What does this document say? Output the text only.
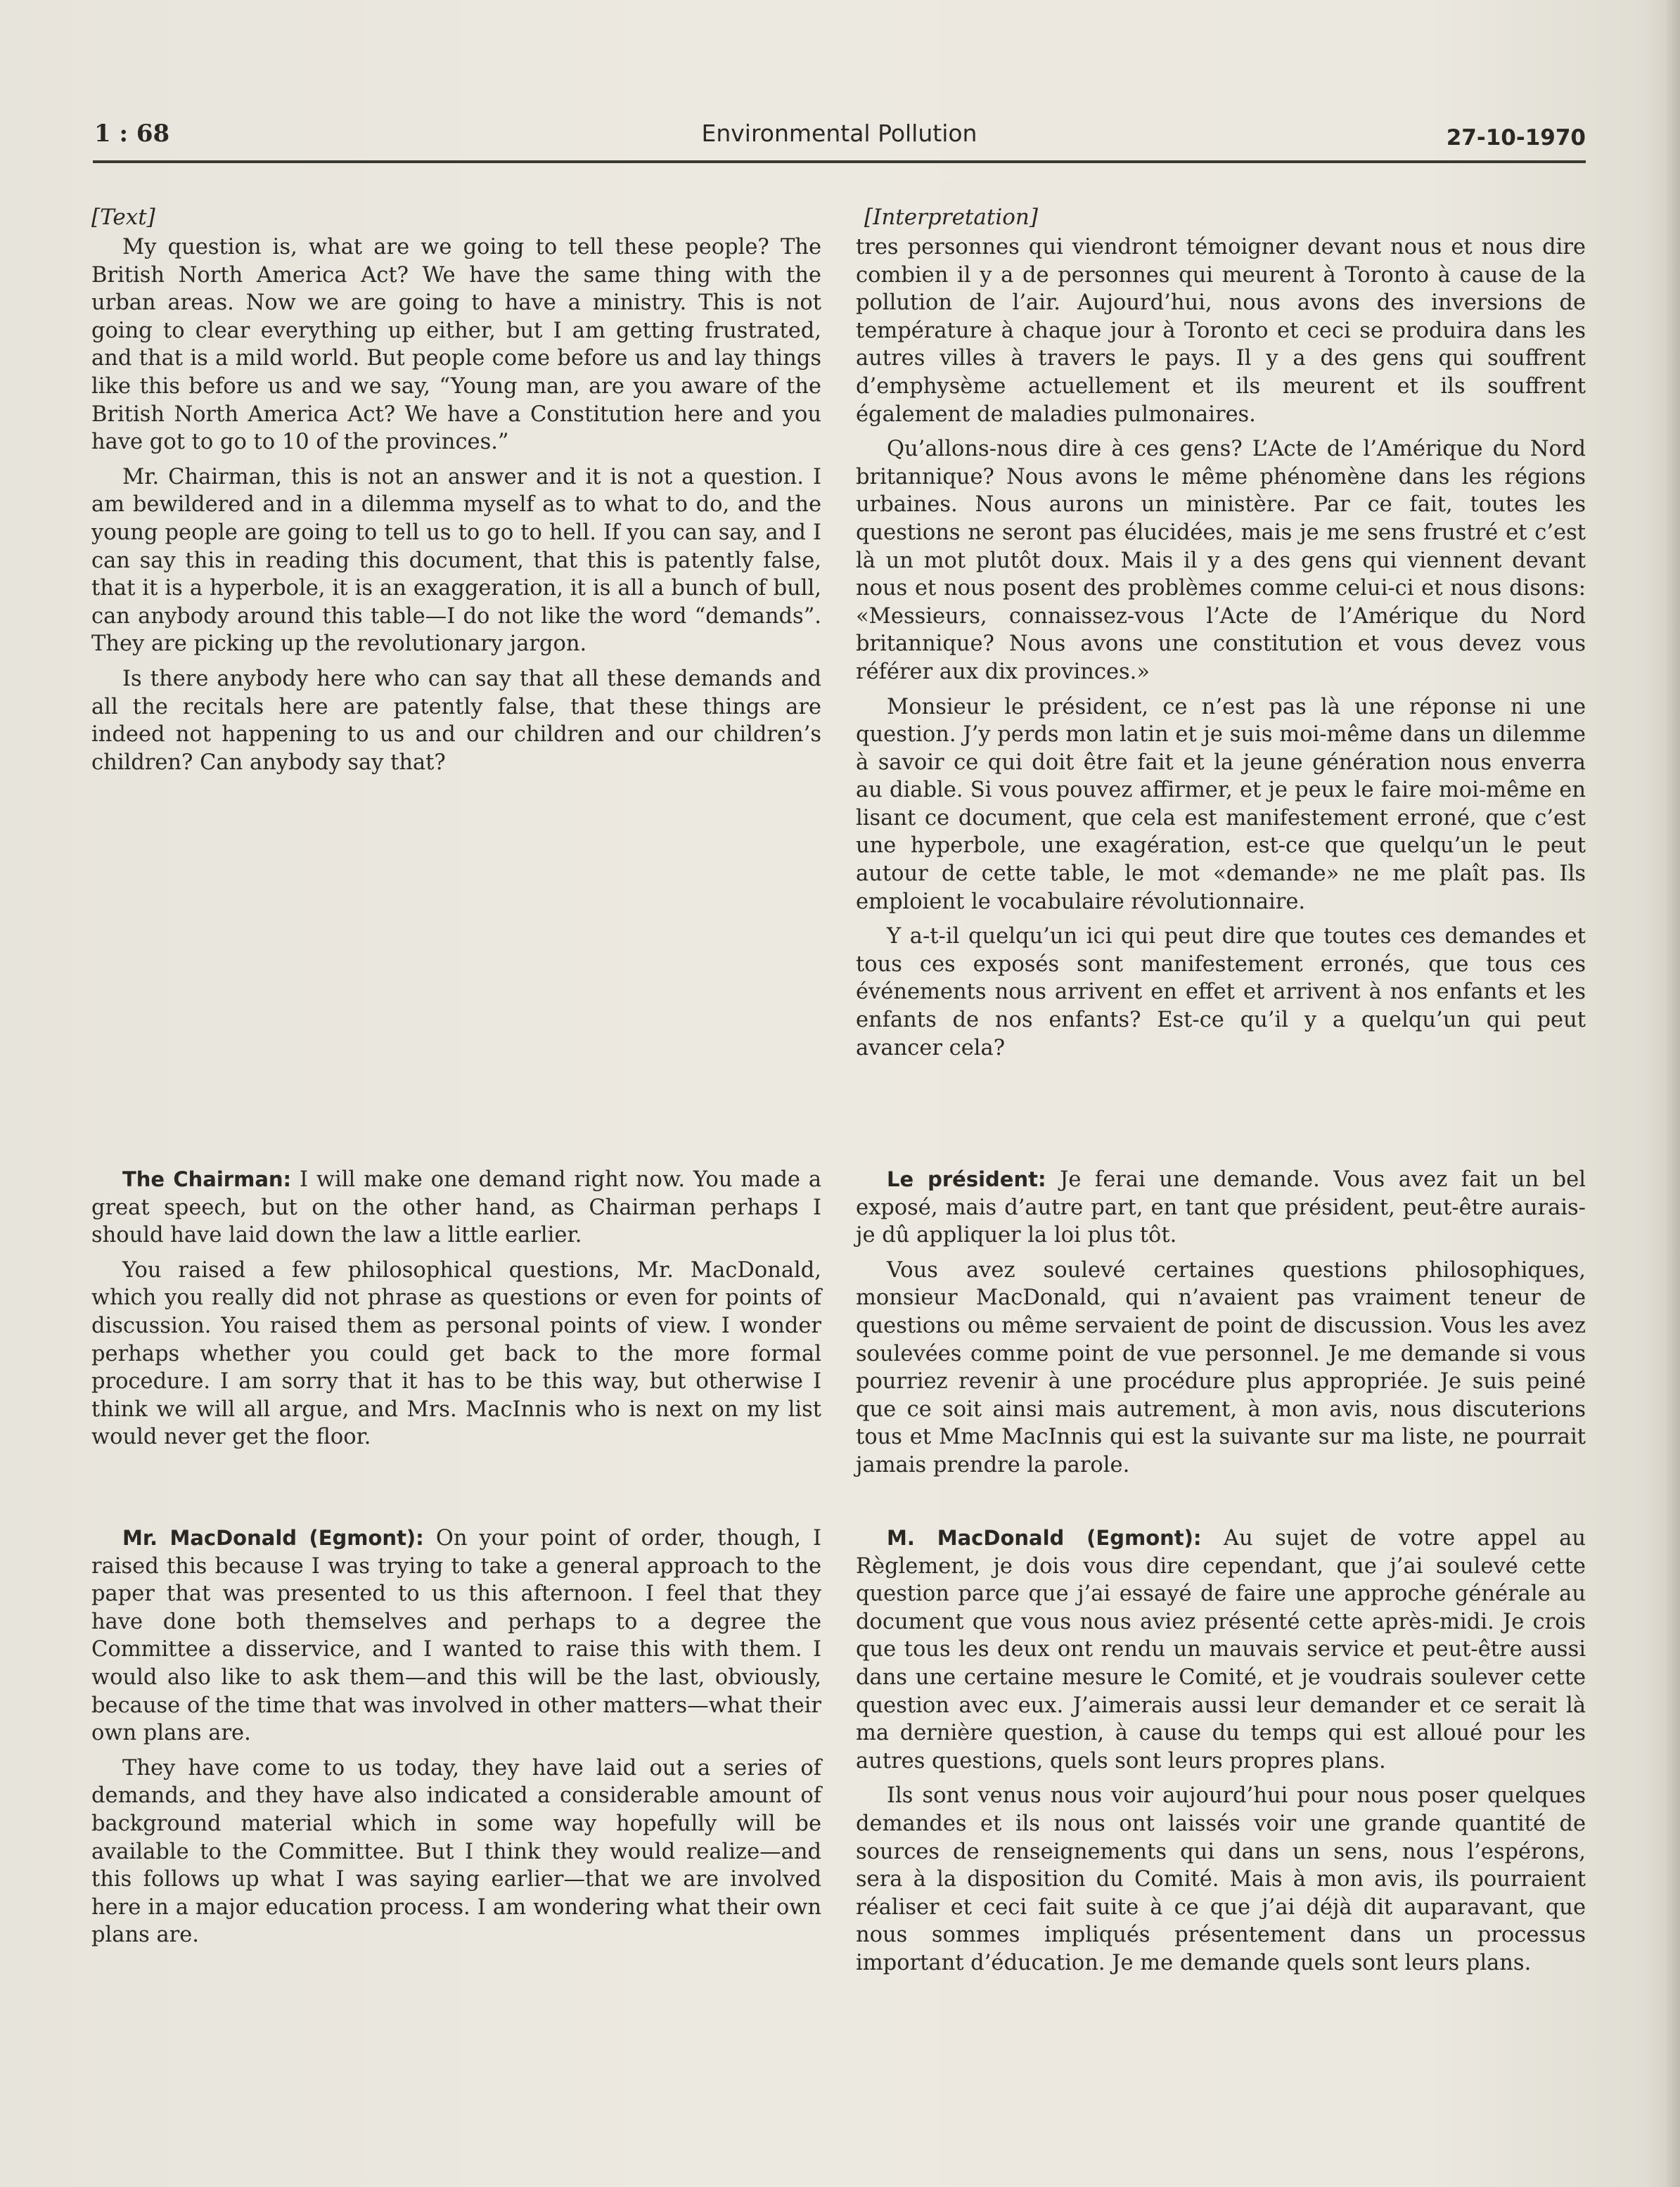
1 : 68	Environmental Pollution	27-10-1970
[Text]

My question is, what are we going to tell these people? The British North America Act? We have the same thing with the urban areas. Now we are going to have a ministry. This is not going to clear everything up either, but I am getting frustrated, and that is a mild world. But people come before us and lay things like this before us and we say, “Young man, are you aware of the British North America Act? We have a Constitution here and you have got to go to 10 of the provinces.”

Mr. Chairman, this is not an answer and it is not a question. I am bewildered and in a dilemma myself as to what to do, and the young people are going to tell us to go to hell. If you can say, and I can say this in reading this document, that this is patently false, that it is a hyperbole, it is an exaggeration, it is all a bunch of bull, can anybody around this table—I do not like the word “demands”. They are picking up the revolutionary jargon.

Is there anybody here who can say that all these demands and all the recitals here are patently false, that these things are indeed not happening to us and our children and our children’s children? Can anybody say that?

The Chairman: I will make one demand right now. You made a great speech, but on the other hand, as Chairman perhaps I should have laid down the law a little earlier.

You raised a few philosophical questions, Mr. MacDonald, which you really did not phrase as questions or even for points of discussion. You raised them as personal points of view. I wonder perhaps whether you could get back to the more formal procedure. I am sorry that it has to be this way, but otherwise I think we will all argue, and Mrs. MacInnis who is next on my list would never get the floor.

Mr. MacDonald (Egmont): On your point of order, though, I raised this because I was trying to take a general approach to the paper that was presented to us this afternoon. I feel that they have done both themselves and perhaps to a degree the Committee a disservice, and I wanted to raise this with them. I would also like to ask them—and this will be the last, obviously, because of the time that was involved in other matters—what their own plans are.

They have come to us today, they have laid out a series of demands, and they have also indicated a considerable amount of background material which in some way hopefully will be available to the Committee. But I think they would realize—and this follows up what I was saying earlier—that we are involved here in a major education process. I am wondering what their own plans are.

[Interpretation]

tres personnes qui viendront témoigner devant nous et nous dire combien il y a de personnes qui meurent à Toronto à cause de la pollution de l’air. Aujourd’hui, nous avons des inversions de température à chaque jour à Toronto et ceci se produira dans les autres villes à travers le pays. Il y a des gens qui souffrent d’emphysème actuellement et ils meurent et ils souffrent également de maladies pulmonaires.

Qu’allons-nous dire à ces gens? L’Acte de l’Amérique du Nord britannique? Nous avons le même phénomène dans les régions urbaines. Nous aurons un ministère. Par ce fait, toutes les questions ne seront pas élucidées, mais je me sens frustré et c’est là un mot plutôt doux. Mais il y a des gens qui viennent devant nous et nous posent des problèmes comme celui-ci et nous disons: «Messieurs, connaissez-vous l’Acte de l’Amérique du Nord britannique? Nous avons une constitution et vous devez vous référer aux dix provinces.»

Monsieur le président, ce n’est pas là une réponse ni une question. J’y perds mon latin et je suis moi-même dans un dilemme à savoir ce qui doit être fait et la jeune génération nous enverra au diable. Si vous pouvez affirmer, et je peux le faire moi-même en lisant ce document, que cela est manifestement erroné, que c’est une hyperbole, une exagération, est-ce que quelqu’un le peut autour de cette table, le mot «demande» ne me plaît pas. Ils emploient le vocabulaire révolutionnaire.

Y a-t-il quelqu’un ici qui peut dire que toutes ces demandes et tous ces exposés sont manifestement erronés, que tous ces événements nous arrivent en effet et arrivent à nos enfants et les enfants de nos enfants? Est-ce qu’il y a quelqu’un qui peut avancer cela?

Le président: Je ferai une demande. Vous avez fait un bel exposé, mais d’autre part, en tant que président, peut-être aurais-je dû appliquer la loi plus tôt.

Vous avez soulevé certaines questions philosophiques, monsieur MacDonald, qui n’avaient pas vraiment teneur de questions ou même servaient de point de discussion. Vous les avez soulevées comme point de vue personnel. Je me demande si vous pourriez revenir à une procédure plus appropriée. Je suis peiné que ce soit ainsi mais autrement, à mon avis, nous discuterions tous et Mme MacInnis qui est la suivante sur ma liste, ne pourrait jamais prendre la parole.

M. MacDonald (Egmont): Au sujet de votre appel au Règlement, je dois vous dire cependant, que j’ai soulevé cette question parce que j’ai essayé de faire une approche générale au document que vous nous aviez présenté cette après-midi. Je crois que tous les deux ont rendu un mauvais service et peut-être aussi dans une certaine mesure le Comité, et je voudrais soulever cette question avec eux. J’aimerais aussi leur demander et ce serait là ma dernière question, à cause du temps qui est alloué pour les autres questions, quels sont leurs propres plans.

Ils sont venus nous voir aujourd’hui pour nous poser quelques demandes et ils nous ont laissés voir une grande quantité de sources de renseignements qui dans un sens, nous l’espérons, sera à la disposition du Comité. Mais à mon avis, ils pourraient réaliser et ceci fait suite à ce que j’ai déjà dit auparavant, que nous sommes impliqués présentement dans un processus important d’éducation. Je me demande quels sont leurs plans.
